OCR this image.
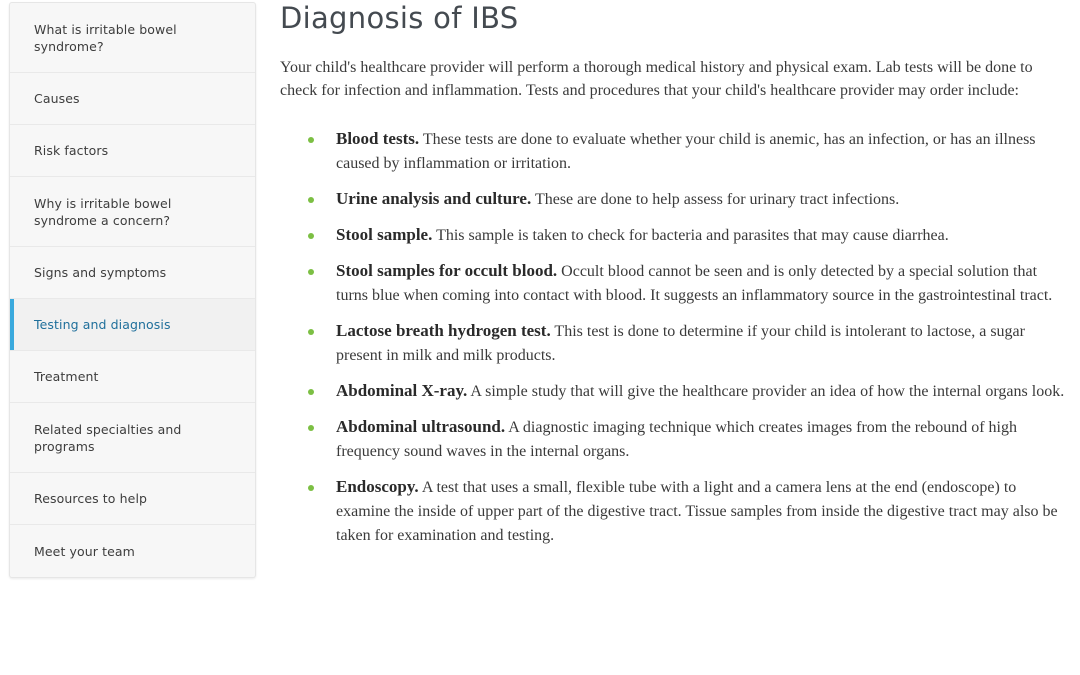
What is irritable bowel syndrome?
Causes
Risk factors
Why is irritable bowel syndrome a concern?
Signs and symptoms
Testing and diagnosis
Treatment
Related specialties and programs
Resources to help
Meet your team
Diagnosis of IBS

Your child's healthcare provider will perform a thorough medical history and physical exam. Lab tests will be done to check for infection and inflammation. Tests and procedures that your child's healthcare provider may order include:

Blood tests. These tests are done to evaluate whether your child is anemic, has an infection, or has an illness caused by inflammation or irritation.
Urine analysis and culture. These are done to help assess for urinary tract infections.
Stool sample. This sample is taken to check for bacteria and parasites that may cause diarrhea.
Stool samples for occult blood. Occult blood cannot be seen and is only detected by a special solution that turns blue when coming into contact with blood. It suggests an inflammatory source in the gastrointestinal tract.
Lactose breath hydrogen test. This test is done to determine if your child is intolerant to lactose, a sugar present in milk and milk products.
Abdominal X-ray. A simple study that will give the healthcare provider an idea of how the internal organs look.
Abdominal ultrasound. A diagnostic imaging technique which creates images from the rebound of high frequency sound waves in the internal organs.
Endoscopy. A test that uses a small, flexible tube with a light and a camera lens at the end (endoscope) to examine the inside of upper part of the digestive tract. Tissue samples from inside the digestive tract may also be taken for examination and testing.
